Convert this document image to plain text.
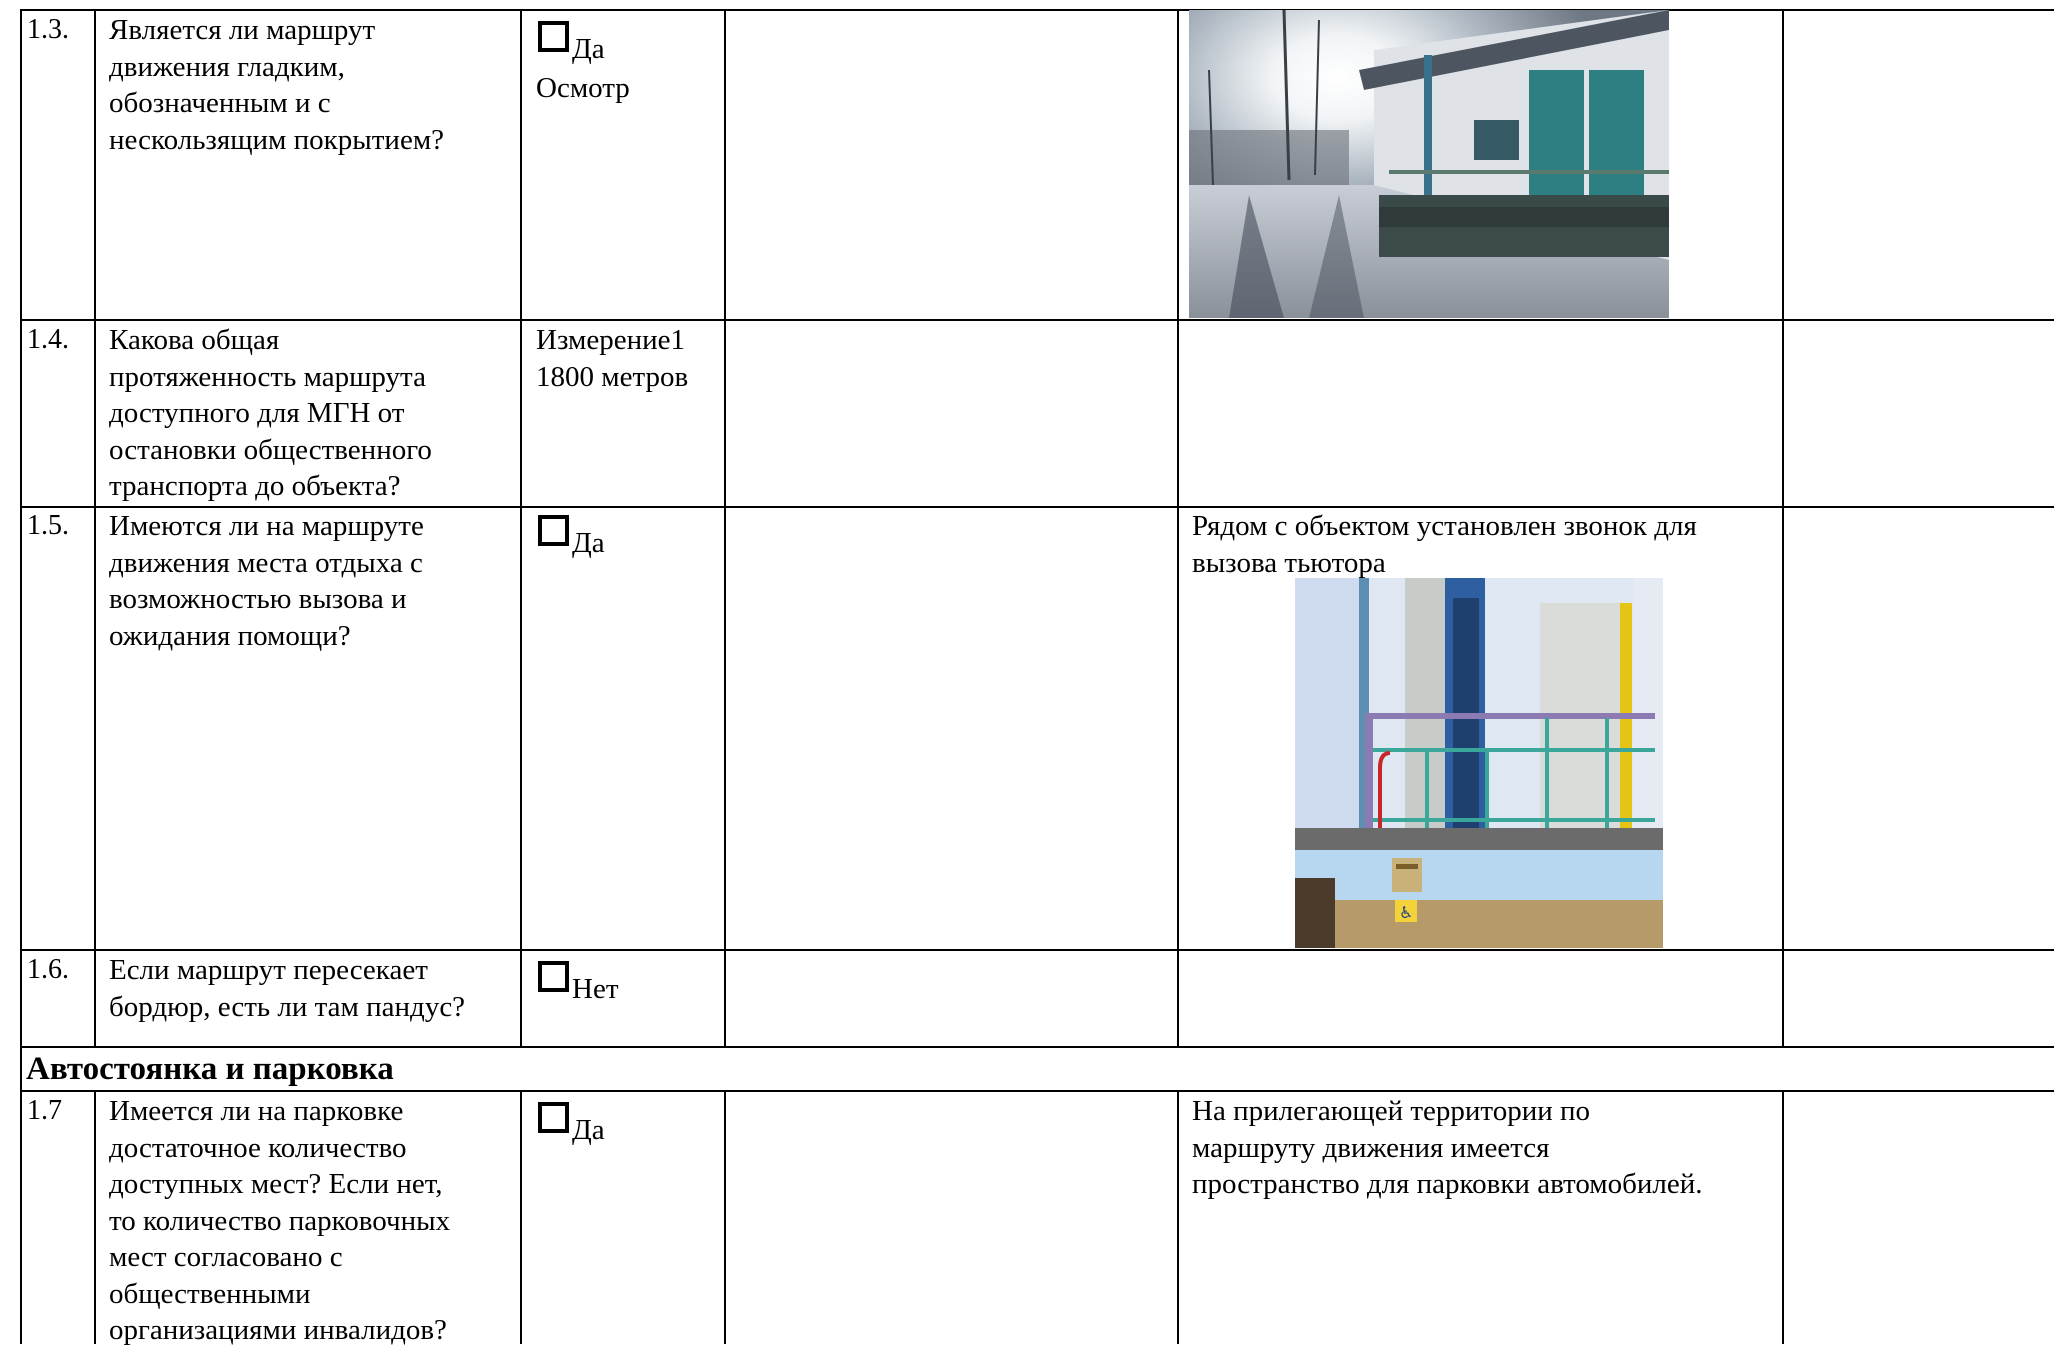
1.3. Является ли маршрут
движения гладким,
обозначенным и с
нескользящим покрытием?
Да
Осмотр
1.4. Какова общая
протяженность маршрута
доступного для МГН от
остановки общественного
транспорта до объекта?
Измерение1
1800 метров
1.5. Имеются ли на маршруте
движения места отдыха с
возможностью вызова и
ожидания помощи?
Да
Рядом с объектом установлен звонок для
вызова тьютора
♿
1.6. Если маршрут пересекает
бордюр, есть ли там пандус?
Нет
Автостоянка и парковка
1.7 Имеется ли на парковке
достаточное количество
доступных мест? Если нет,
то количество парковочных
мест согласовано с
общественными
организациями инвалидов?
Да
На прилегающей территории по
маршруту движения имеется
пространство для парковки автомобилей.
